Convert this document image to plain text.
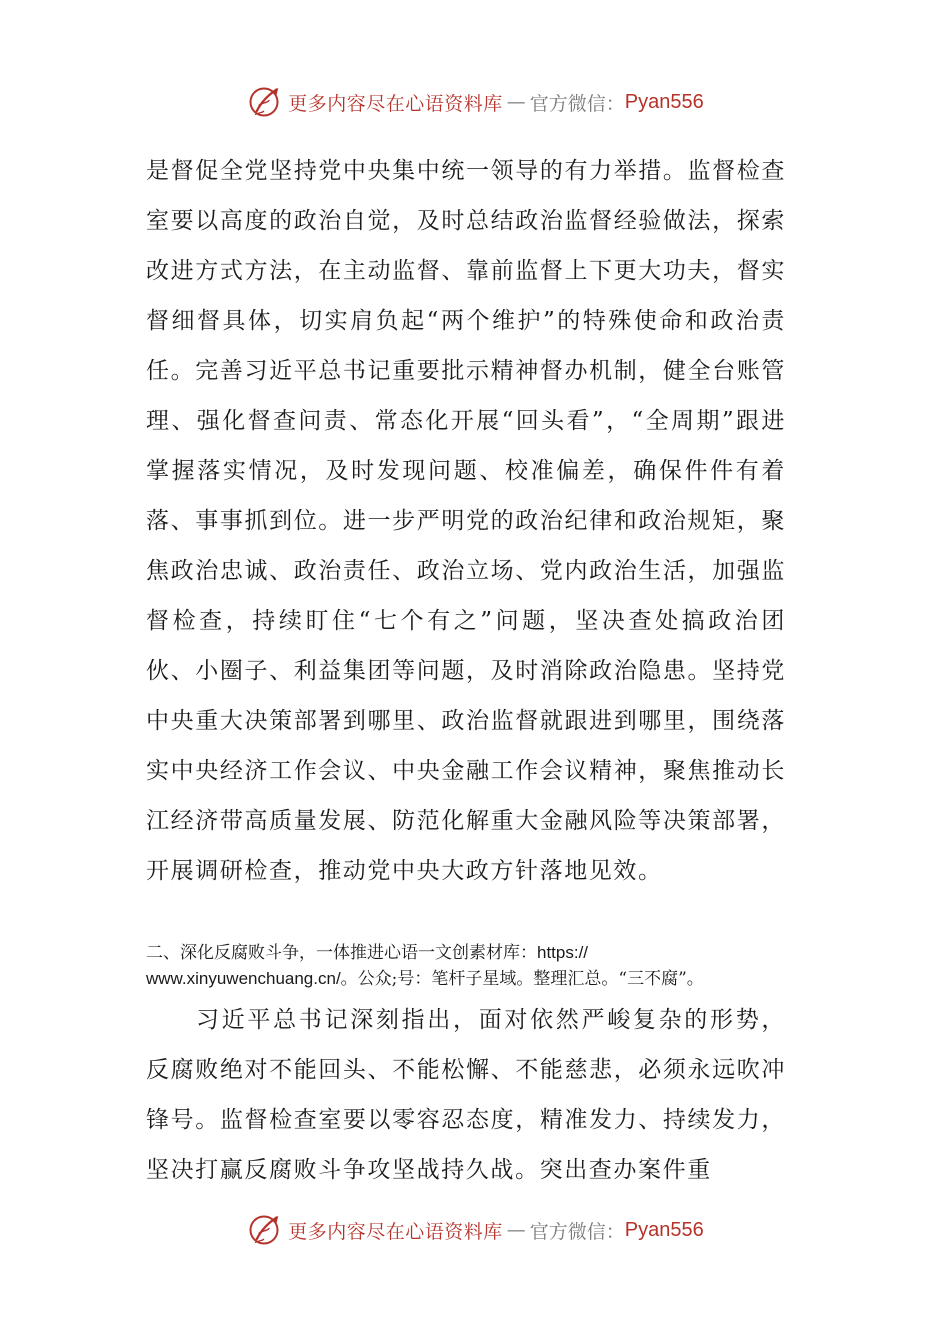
更多内容尽在心语资料库 — 官方微信： Pyan556

是督促全党坚持党中央集中统一领导的有力举措。监督检查室要以高度的政治自觉，及时总结政治监督经验做法，探索改进方式方法，在主动监督、靠前监督上下更大功夫，督实督细督具体，切实肩负起“两个维护”的特殊使命和政治责任。完善习近平总书记重要批示精神督办机制，健全台账管理、强化督查问责、常态化开展“回头看”，“全周期”跟进掌握落实情况，及时发现问题、校准偏差，确保件件有着落、事事抓到位。进一步严明党的政治纪律和政治规矩，聚焦政治忠诚、政治责任、政治立场、党内政治生活，加强监督检查，持续盯住“七个有之”问题，坚决查处搞政治团伙、小圈子、利益集团等问题，及时消除政治隐患。坚持党中央重大决策部署到哪里、政治监督就跟进到哪里，围绕落实中央经济工作会议、中央金融工作会议精神，聚焦推动长江经济带高质量发展、防范化解重大金融风险等决策部署，开展调研检查，推动党中央大政方针落地见效。

二、深化反腐败斗争，一体推进心语一文创素材库：https://
www.xinyuwenchuang.cn/。公众;号：笔杆子星域。整理汇总。“三不腐”。

习近平总书记深刻指出，面对依然严峻复杂的形势，反腐败绝对不能回头、不能松懈、不能慈悲，必须永远吹冲锋号。监督检查室要以零容忍态度，精准发力、持续发力，坚决打赢反腐败斗争攻坚战持久战。突出查办案件重

更多内容尽在心语资料库 — 官方微信： Pyan556
